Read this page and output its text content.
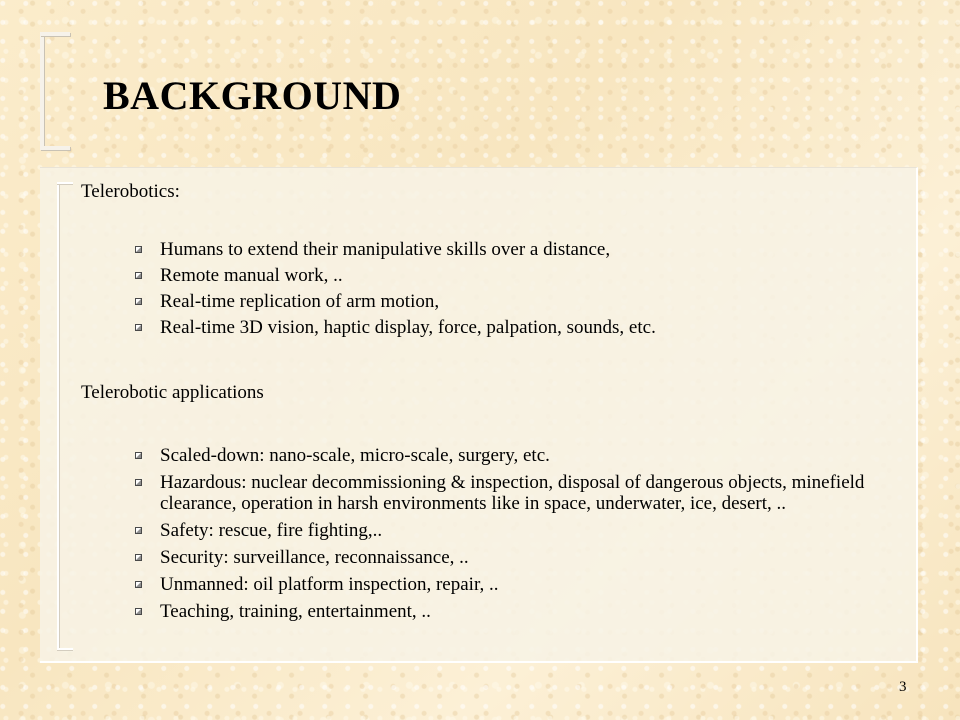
BACKGROUND
Telerobotics:
Humans to extend their manipulative skills over a distance,
Remote manual work, ..
Real-time replication of arm motion,
Real-time 3D vision, haptic display, force, palpation, sounds, etc.
Telerobotic applications
Scaled-down: nano-scale, micro-scale, surgery, etc.
Hazardous: nuclear decommissioning & inspection, disposal of dangerous objects, minefield clearance, operation in harsh environments like in space, underwater, ice, desert, ..
Safety: rescue, fire fighting,..
Security: surveillance, reconnaissance, ..
Unmanned: oil platform inspection, repair, ..
Teaching, training, entertainment, ..
3
